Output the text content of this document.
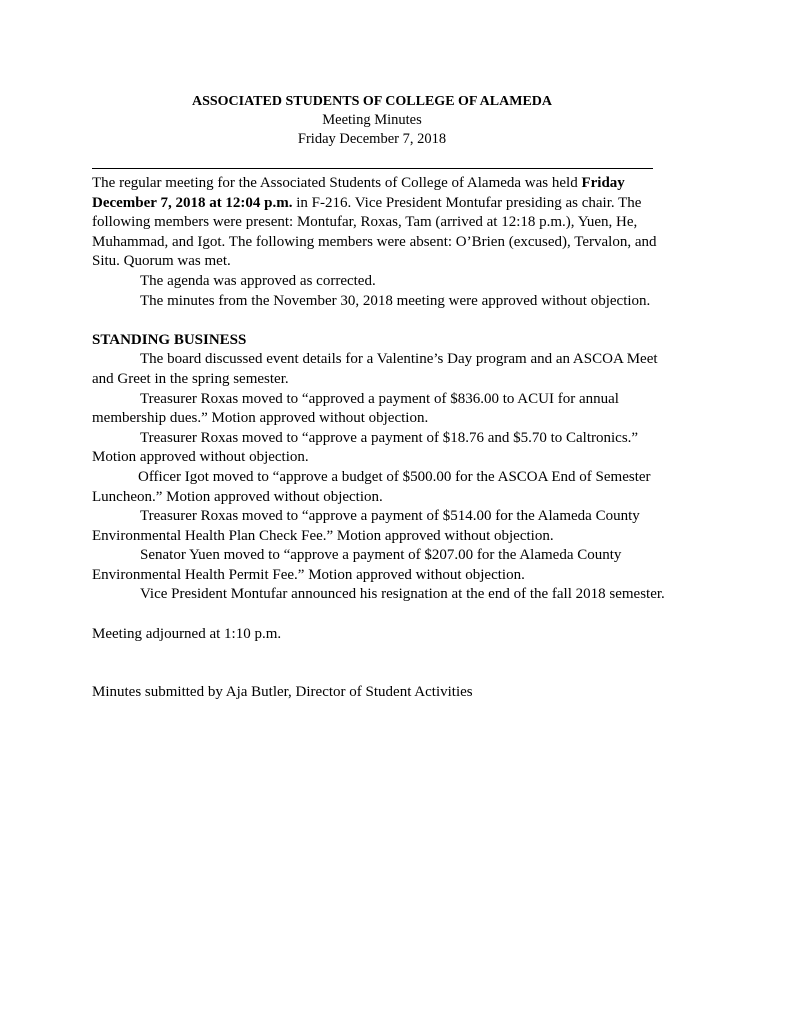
ASSOCIATED STUDENTS OF COLLEGE OF ALAMEDA
Meeting Minutes
Friday December 7, 2018
The regular meeting for the Associated Students of College of Alameda was held Friday
December 7, 2018 at 12:04 p.m. in F-216. Vice President Montufar presiding as chair. The
following members were present: Montufar, Roxas, Tam (arrived at 12:18 p.m.), Yuen, He,
Muhammad, and Igot. The following members were absent: O’Brien (excused), Tervalon, and
Situ. Quorum was met.
The agenda was approved as corrected.
The minutes from the November 30, 2018 meeting were approved without objection.
STANDING BUSINESS
The board discussed event details for a Valentine’s Day program and an ASCOA Meet
and Greet in the spring semester.
Treasurer Roxas moved to “approved a payment of $836.00 to ACUI for annual
membership dues.” Motion approved without objection.
Treasurer Roxas moved to “approve a payment of $18.76 and $5.70 to Caltronics.”
Motion approved without objection.
Officer Igot moved to “approve a budget of $500.00 for the ASCOA End of Semester
Luncheon.” Motion approved without objection.
Treasurer Roxas moved to “approve a payment of $514.00 for the Alameda County
Environmental Health Plan Check Fee.” Motion approved without objection.
Senator Yuen moved to “approve a payment of $207.00 for the Alameda County
Environmental Health Permit Fee.” Motion approved without objection.
Vice President Montufar announced his resignation at the end of the fall 2018 semester.
Meeting adjourned at 1:10 p.m.
Minutes submitted by Aja Butler, Director of Student Activities
